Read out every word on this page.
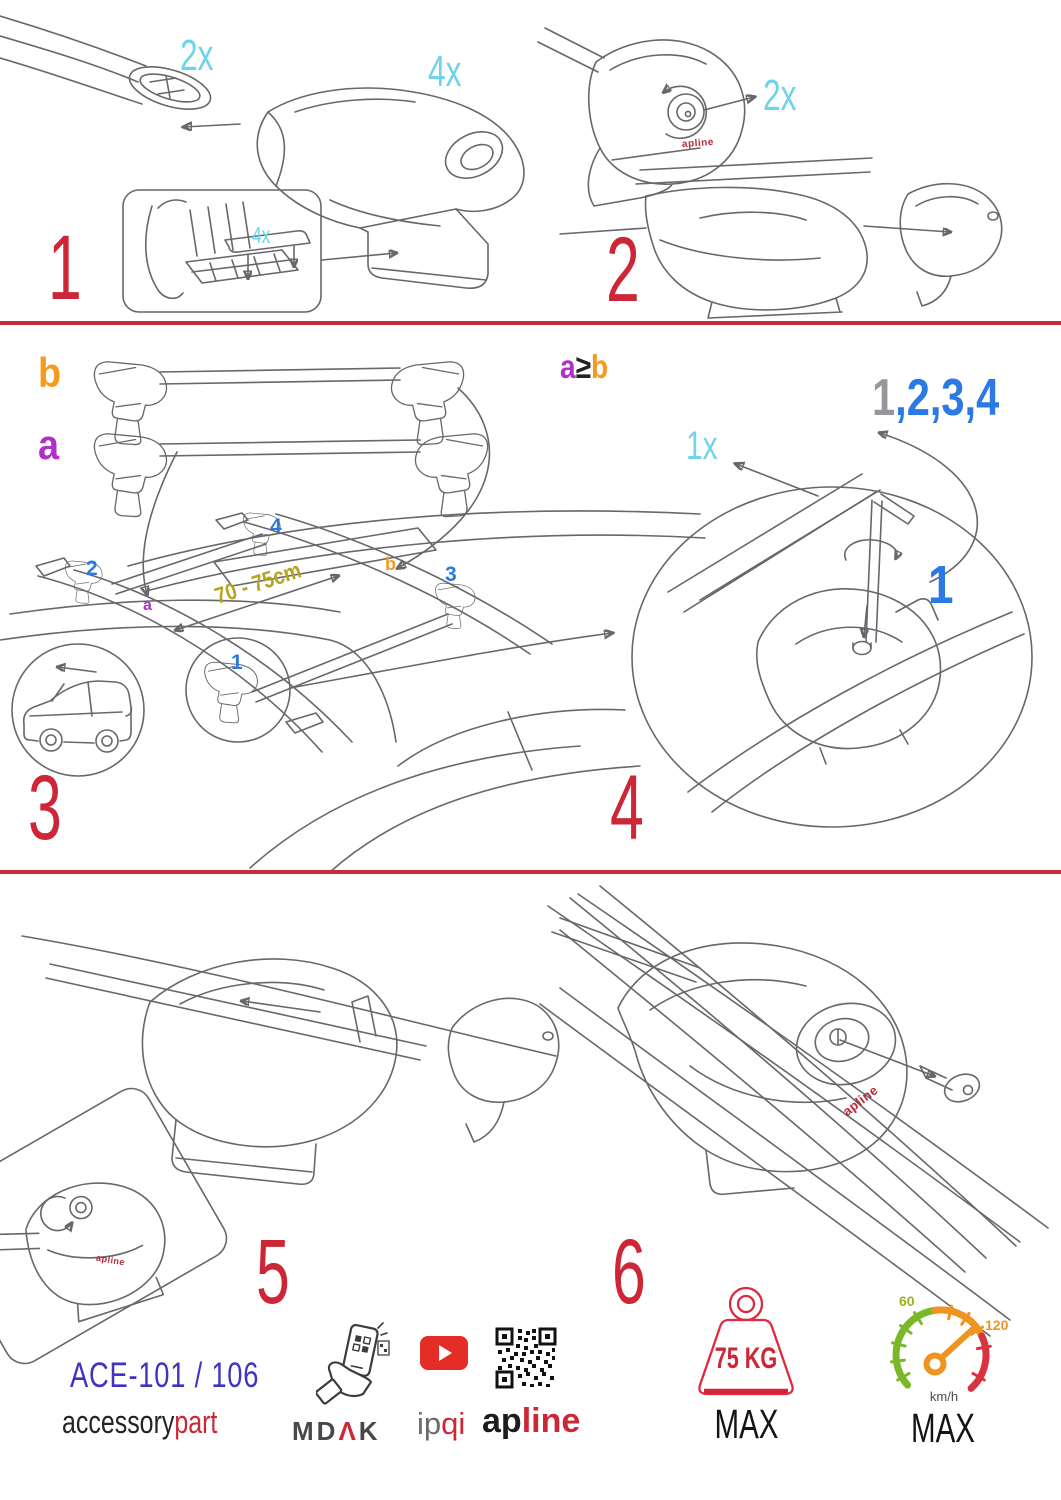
2x	4x
4x
1
2x
apline
2
b
a
2
4
3
b
a	70 - 75cm
1
3
a≥b
1,2,3,4
1x
1
4
apline 5
apline
6
ACE-101 / 106
accessorypart	MDΛK ipqi apline
75 KG
MAX
60
120
km/h
MAX
